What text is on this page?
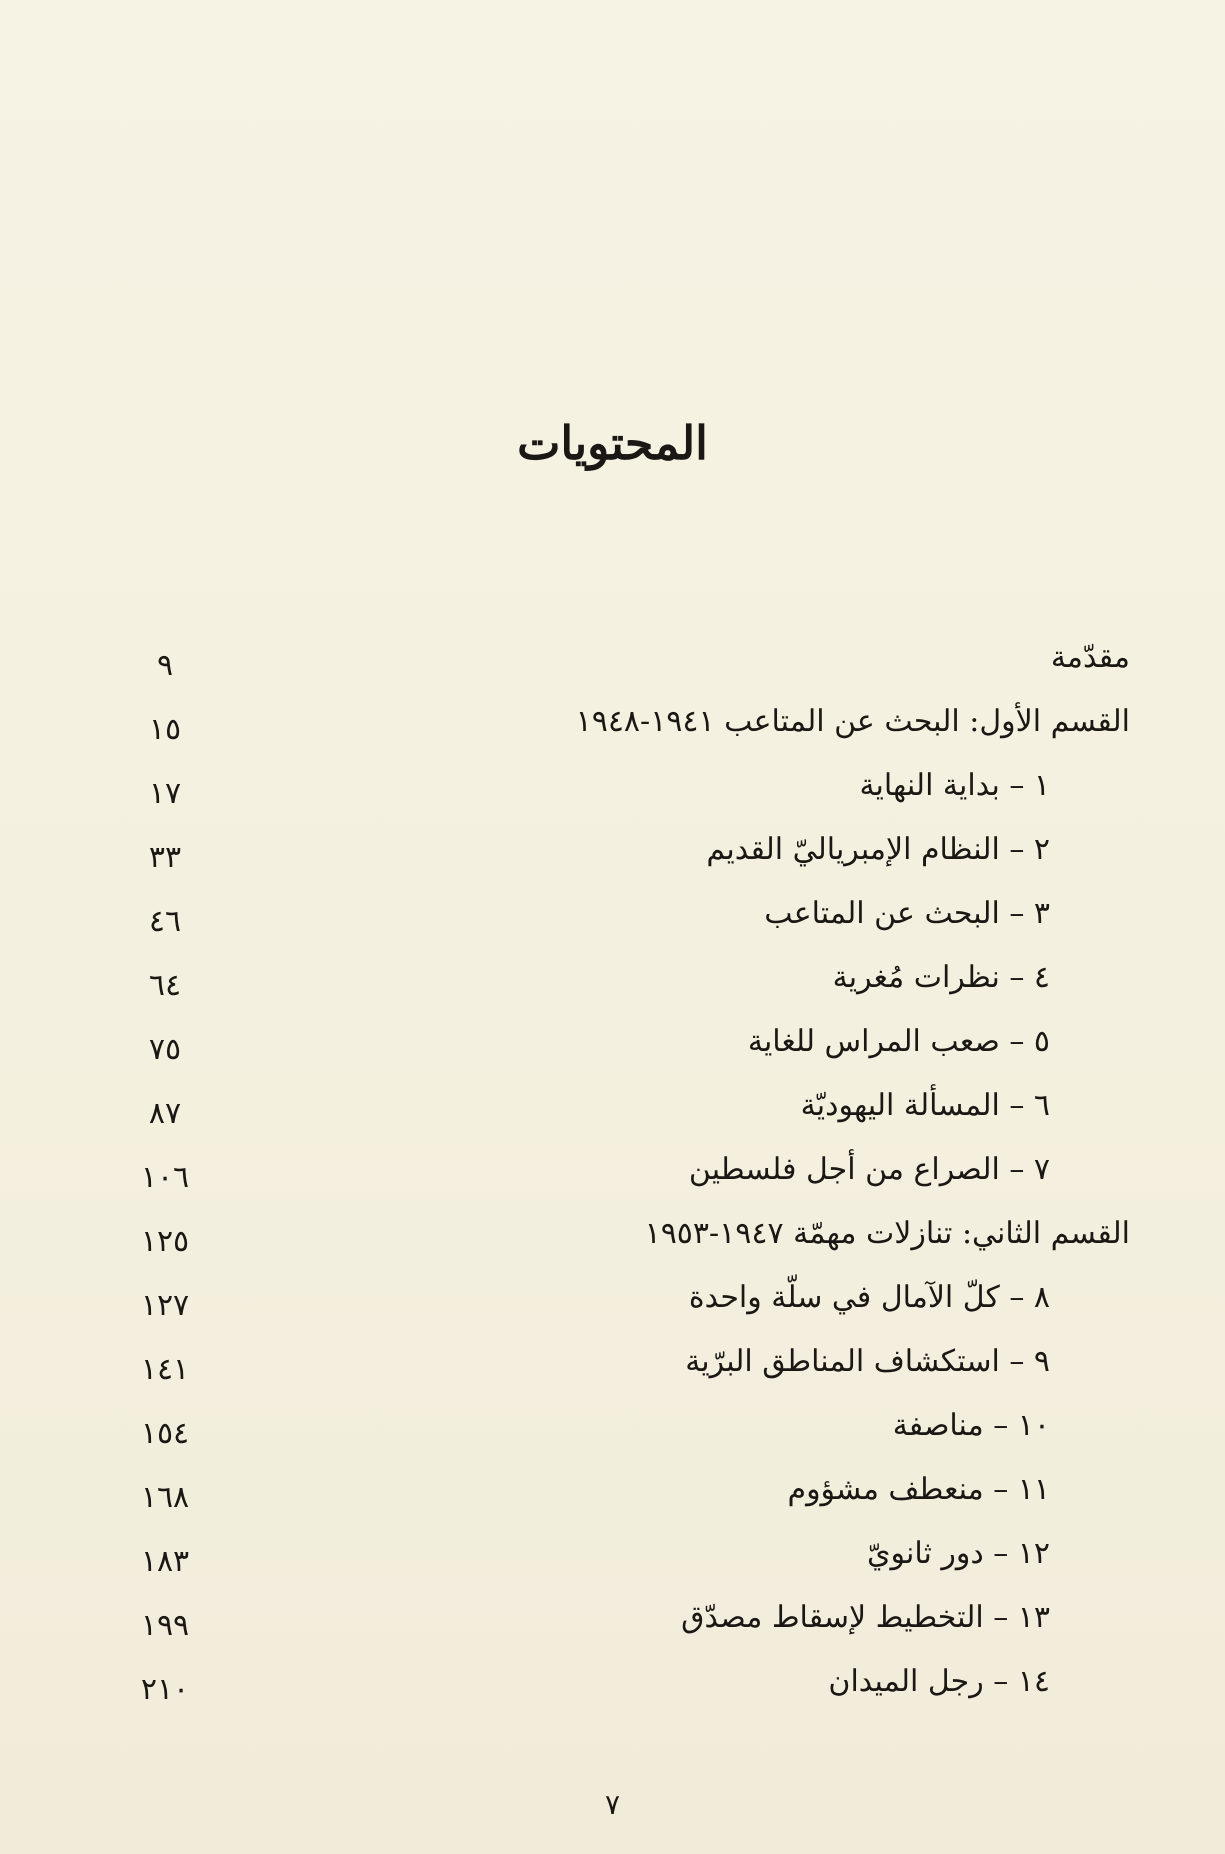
المحتويات
مقدّمة
٩
القسم الأول: البحث عن المتاعب ١٩٤١-١٩٤٨
١٥
١ – بداية النهاية
١٧
٢ – النظام الإمبرياليّ القديم
٣٣
٣ – البحث عن المتاعب
٤٦
٤ – نظرات مُغرية
٦٤
٥ – صعب المراس للغاية
٧٥
٦ – المسألة اليهوديّة
٨٧
٧ – الصراع من أجل فلسطين
١٠٦
القسم الثاني: تنازلات مهمّة ١٩٤٧-١٩٥٣
١٢٥
٨ – كلّ الآمال في سلّة واحدة
١٢٧
٩ – استكشاف المناطق البرّية
١٤١
١٠ – مناصفة
١٥٤
١١ – منعطف مشؤوم
١٦٨
١٢ – دور ثانويّ
١٨٣
١٣ – التخطيط لإسقاط مصدّق
١٩٩
١٤ – رجل الميدان
٢١٠
٧
